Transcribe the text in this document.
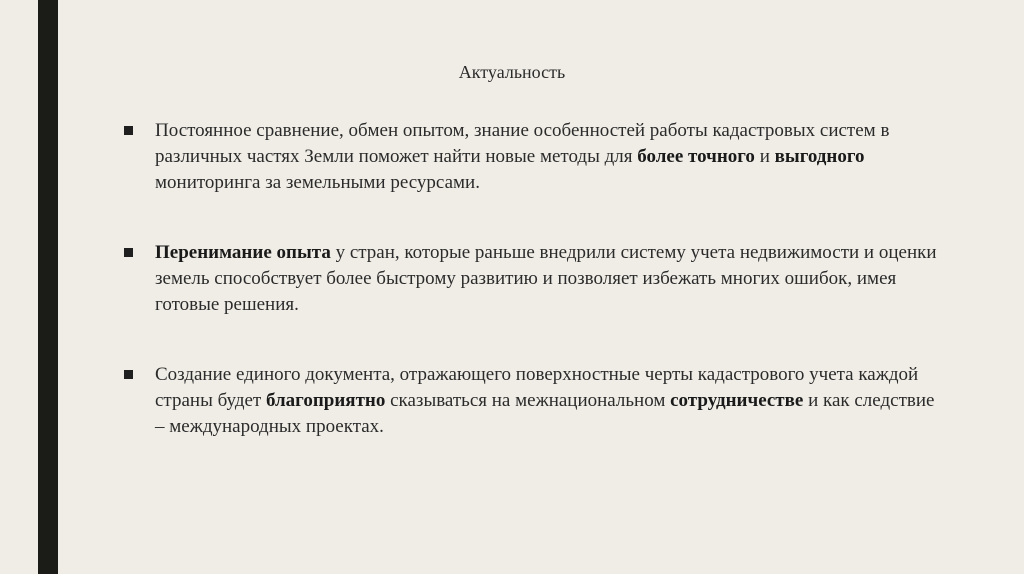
Актуальность
Постоянное сравнение, обмен опытом, знание особенностей работы кадастровых систем в различных частях Земли поможет найти новые методы для более точного и выгодного мониторинга за земельными ресурсами.
Перенимание опыта у стран, которые раньше внедрили систему учета недвижимости и оценки земель способствует более быстрому развитию и позволяет избежать многих ошибок, имея готовые решения.
Создание единого документа, отражающего поверхностные черты кадастрового учета каждой страны будет благоприятно сказываться на межнациональном сотрудничестве и как следствие – международных проектах.
